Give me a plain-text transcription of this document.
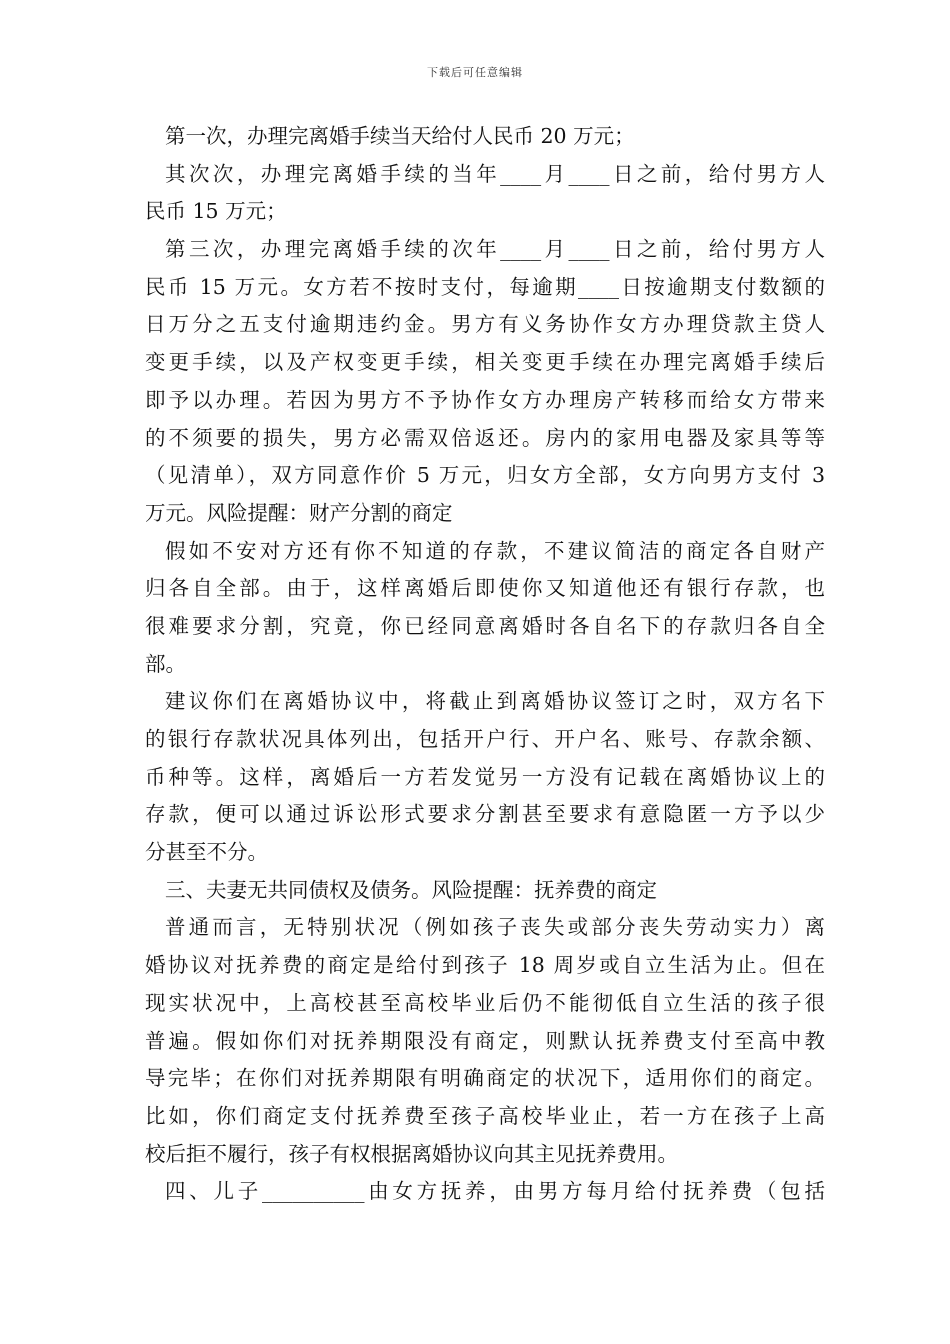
下载后可任意编辑
第一次，办理完离婚手续当天给付人民币 20 万元；
其次次，办理完离婚手续的当年____月____日之前，给付男方人
民币 15 万元；
第三次，办理完离婚手续的次年____月____日之前，给付男方人
民币 15 万元。女方若不按时支付，每逾期____日按逾期支付数额的
日万分之五支付逾期违约金。男方有义务协作女方办理贷款主贷人
变更手续，以及产权变更手续，相关变更手续在办理完离婚手续后
即予以办理。若因为男方不予协作女方办理房产转移而给女方带来
的不须要的损失，男方必需双倍返还。房内的家用电器及家具等等
（见清单），双方同意作价 5 万元，归女方全部，女方向男方支付 3
万元。风险提醒：财产分割的商定
假如不安对方还有你不知道的存款，不建议简洁的商定各自财产
归各自全部。由于，这样离婚后即使你又知道他还有银行存款，也
很难要求分割，究竟，你已经同意离婚时各自名下的存款归各自全
部。
建议你们在离婚协议中，将截止到离婚协议签订之时，双方名下
的银行存款状况具体列出，包括开户行、开户名、账号、存款余额、
币种等。这样，离婚后一方若发觉另一方没有记载在离婚协议上的
存款，便可以通过诉讼形式要求分割甚至要求有意隐匿一方予以少
分甚至不分。
三、夫妻无共同债权及债务。风险提醒：抚养费的商定
普通而言，无特别状况（例如孩子丧失或部分丧失劳动实力）离
婚协议对抚养费的商定是给付到孩子 18 周岁或自立生活为止。但在
现实状况中，上高校甚至高校毕业后仍不能彻低自立生活的孩子很
普遍。假如你们对抚养期限没有商定，则默认抚养费支付至高中教
导完毕；在你们对抚养期限有明确商定的状况下，适用你们的商定。
比如，你们商定支付抚养费至孩子高校毕业止，若一方在孩子上高
校后拒不履行，孩子有权根据离婚协议向其主见抚养费用。
四、儿子__________由女方抚养，由男方每月给付抚养费（包括
